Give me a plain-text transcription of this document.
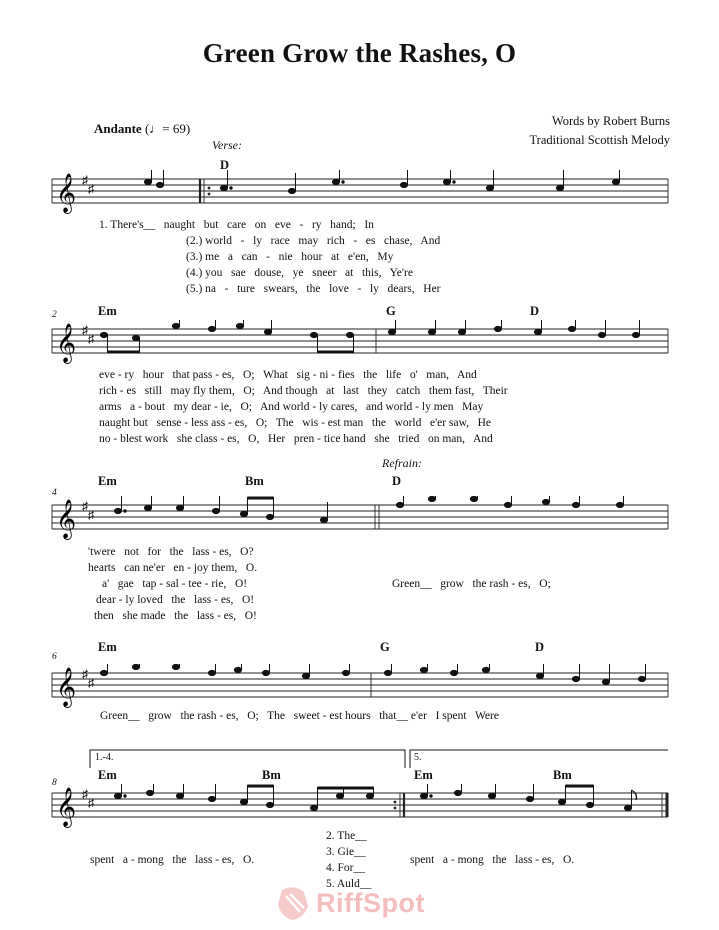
Green Grow the Rashes, O
Words by Robert Burns
Traditional Scottish Melody
Andante (♩= 69)
Verse:
D
𝄞 ♯
♯
1. There's__   naught   but   care   on   eve   -   ry   hand;   In
(2.) world   -   ly   race   may   rich   -   es   chase,   And
(3.) me   a   can   -   nie   hour   at   e'en,   My
(4.) you   sae   douse,   ye   sneer   at   this,   Ye're
(5.) na   -   ture   swears,   the   love   -   ly   dears,   Her
2	Em	G	D
𝄞 ♯
♯
eve - ry   hour   that pass - es,   O;   What   sig - ni - fies   the   life   o'   man,   And
rich - es   still   may fly them,   O;   And though   at   last   they   catch   them fast,   Their
arms   a - bout   my dear - ie,   O;   And world - ly cares,   and world - ly men   May
naught but   sense - less ass - es,   O;   The   wis - est man   the   world   e'er saw,   He
no - blest work   she class - es,   O,   Her   pren - tice hand   she   tried   on man,   And
Refrain:
4
Em	Bm	D
𝄞 ♯
♯
'twere   not   for   the   lass - es,   O?
hearts   can ne'er   en - joy them,   O.
a'   gae   tap - sal - tee - rie,   O!
dear - ly loved   the   lass - es,   O!
then   she made   the   lass - es,   O!
Green__   grow   the rash - es,   O;
6
Em	G	D
𝄞 ♯
♯
Green__   grow   the rash - es,   O;   The   sweet - est hours   that__ e'er   I spent   Were
1.-4.	5.
8
Em	Bm	Em	Bm
𝄞 ♯
♯
spent   a - mong   the   lass - es,   O.
2. The__
3. Gie__
4. For__
5. Auld__
spent   a - mong   the   lass - es,   O.
RiffSpot
